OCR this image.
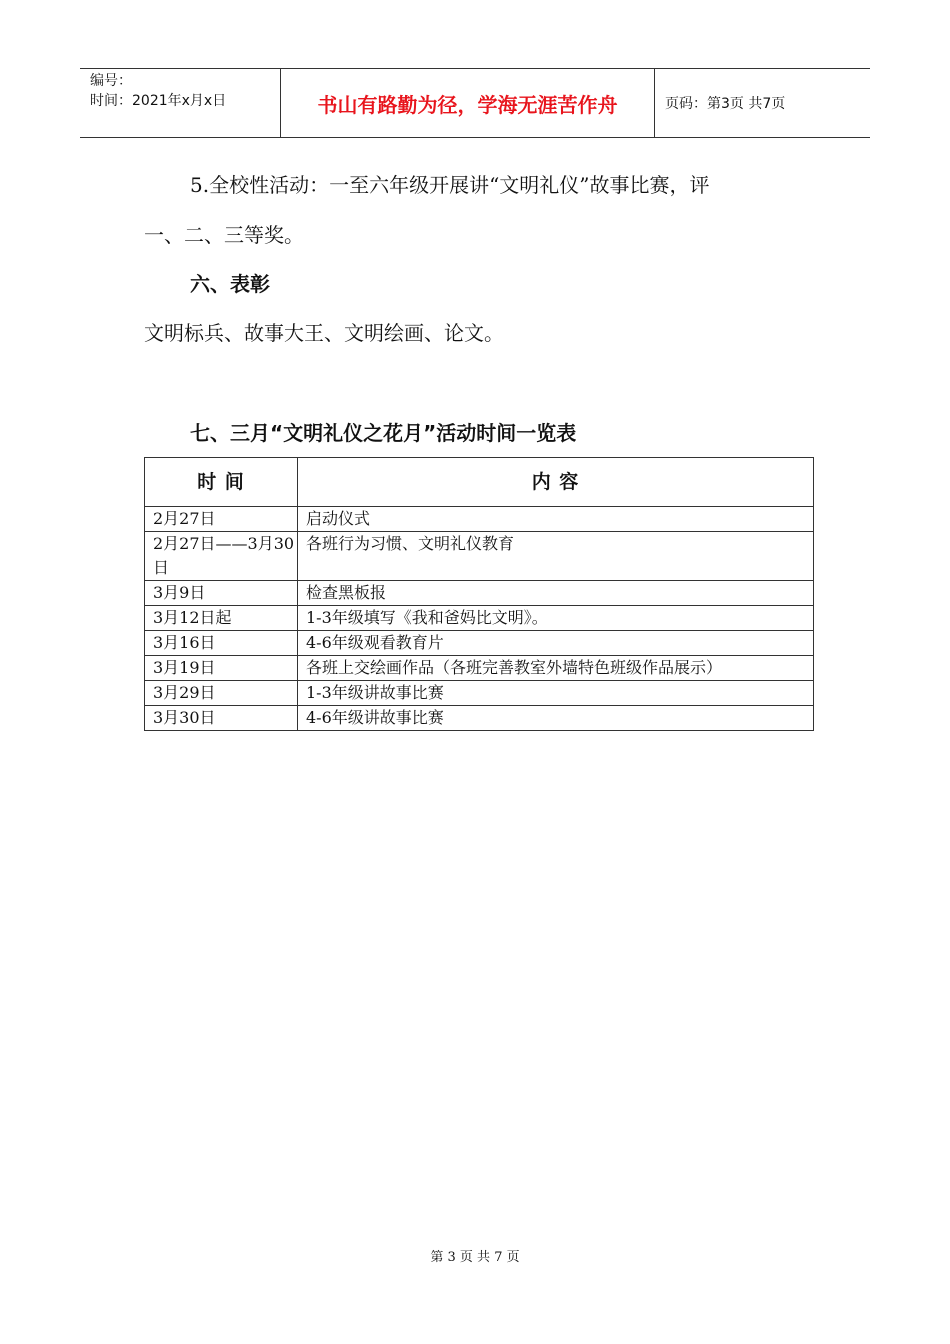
编号：
时间：2021年x月x日	书山有路勤为径，学海无涯苦作舟	页码：第3页 共7页
5.全校性活动：一至六年级开展讲“文明礼仪”故事比赛，评
一、二、三等奖。
六、表彰
文明标兵、故事大王、文明绘画、论文。
七、三月“文明礼仪之花月”活动时间一览表
时 间	内 容
2月27日	启动仪式
2月27日——3月30日	各班行为习惯、文明礼仪教育
3月9日	检查黑板报
3月12日起	1-3年级填写《我和爸妈比文明》。
3月16日	4-6年级观看教育片
3月19日	各班上交绘画作品（各班完善教室外墙特色班级作品展示）
3月29日	1-3年级讲故事比赛
3月30日	4-6年级讲故事比赛
第 3 页 共 7 页
